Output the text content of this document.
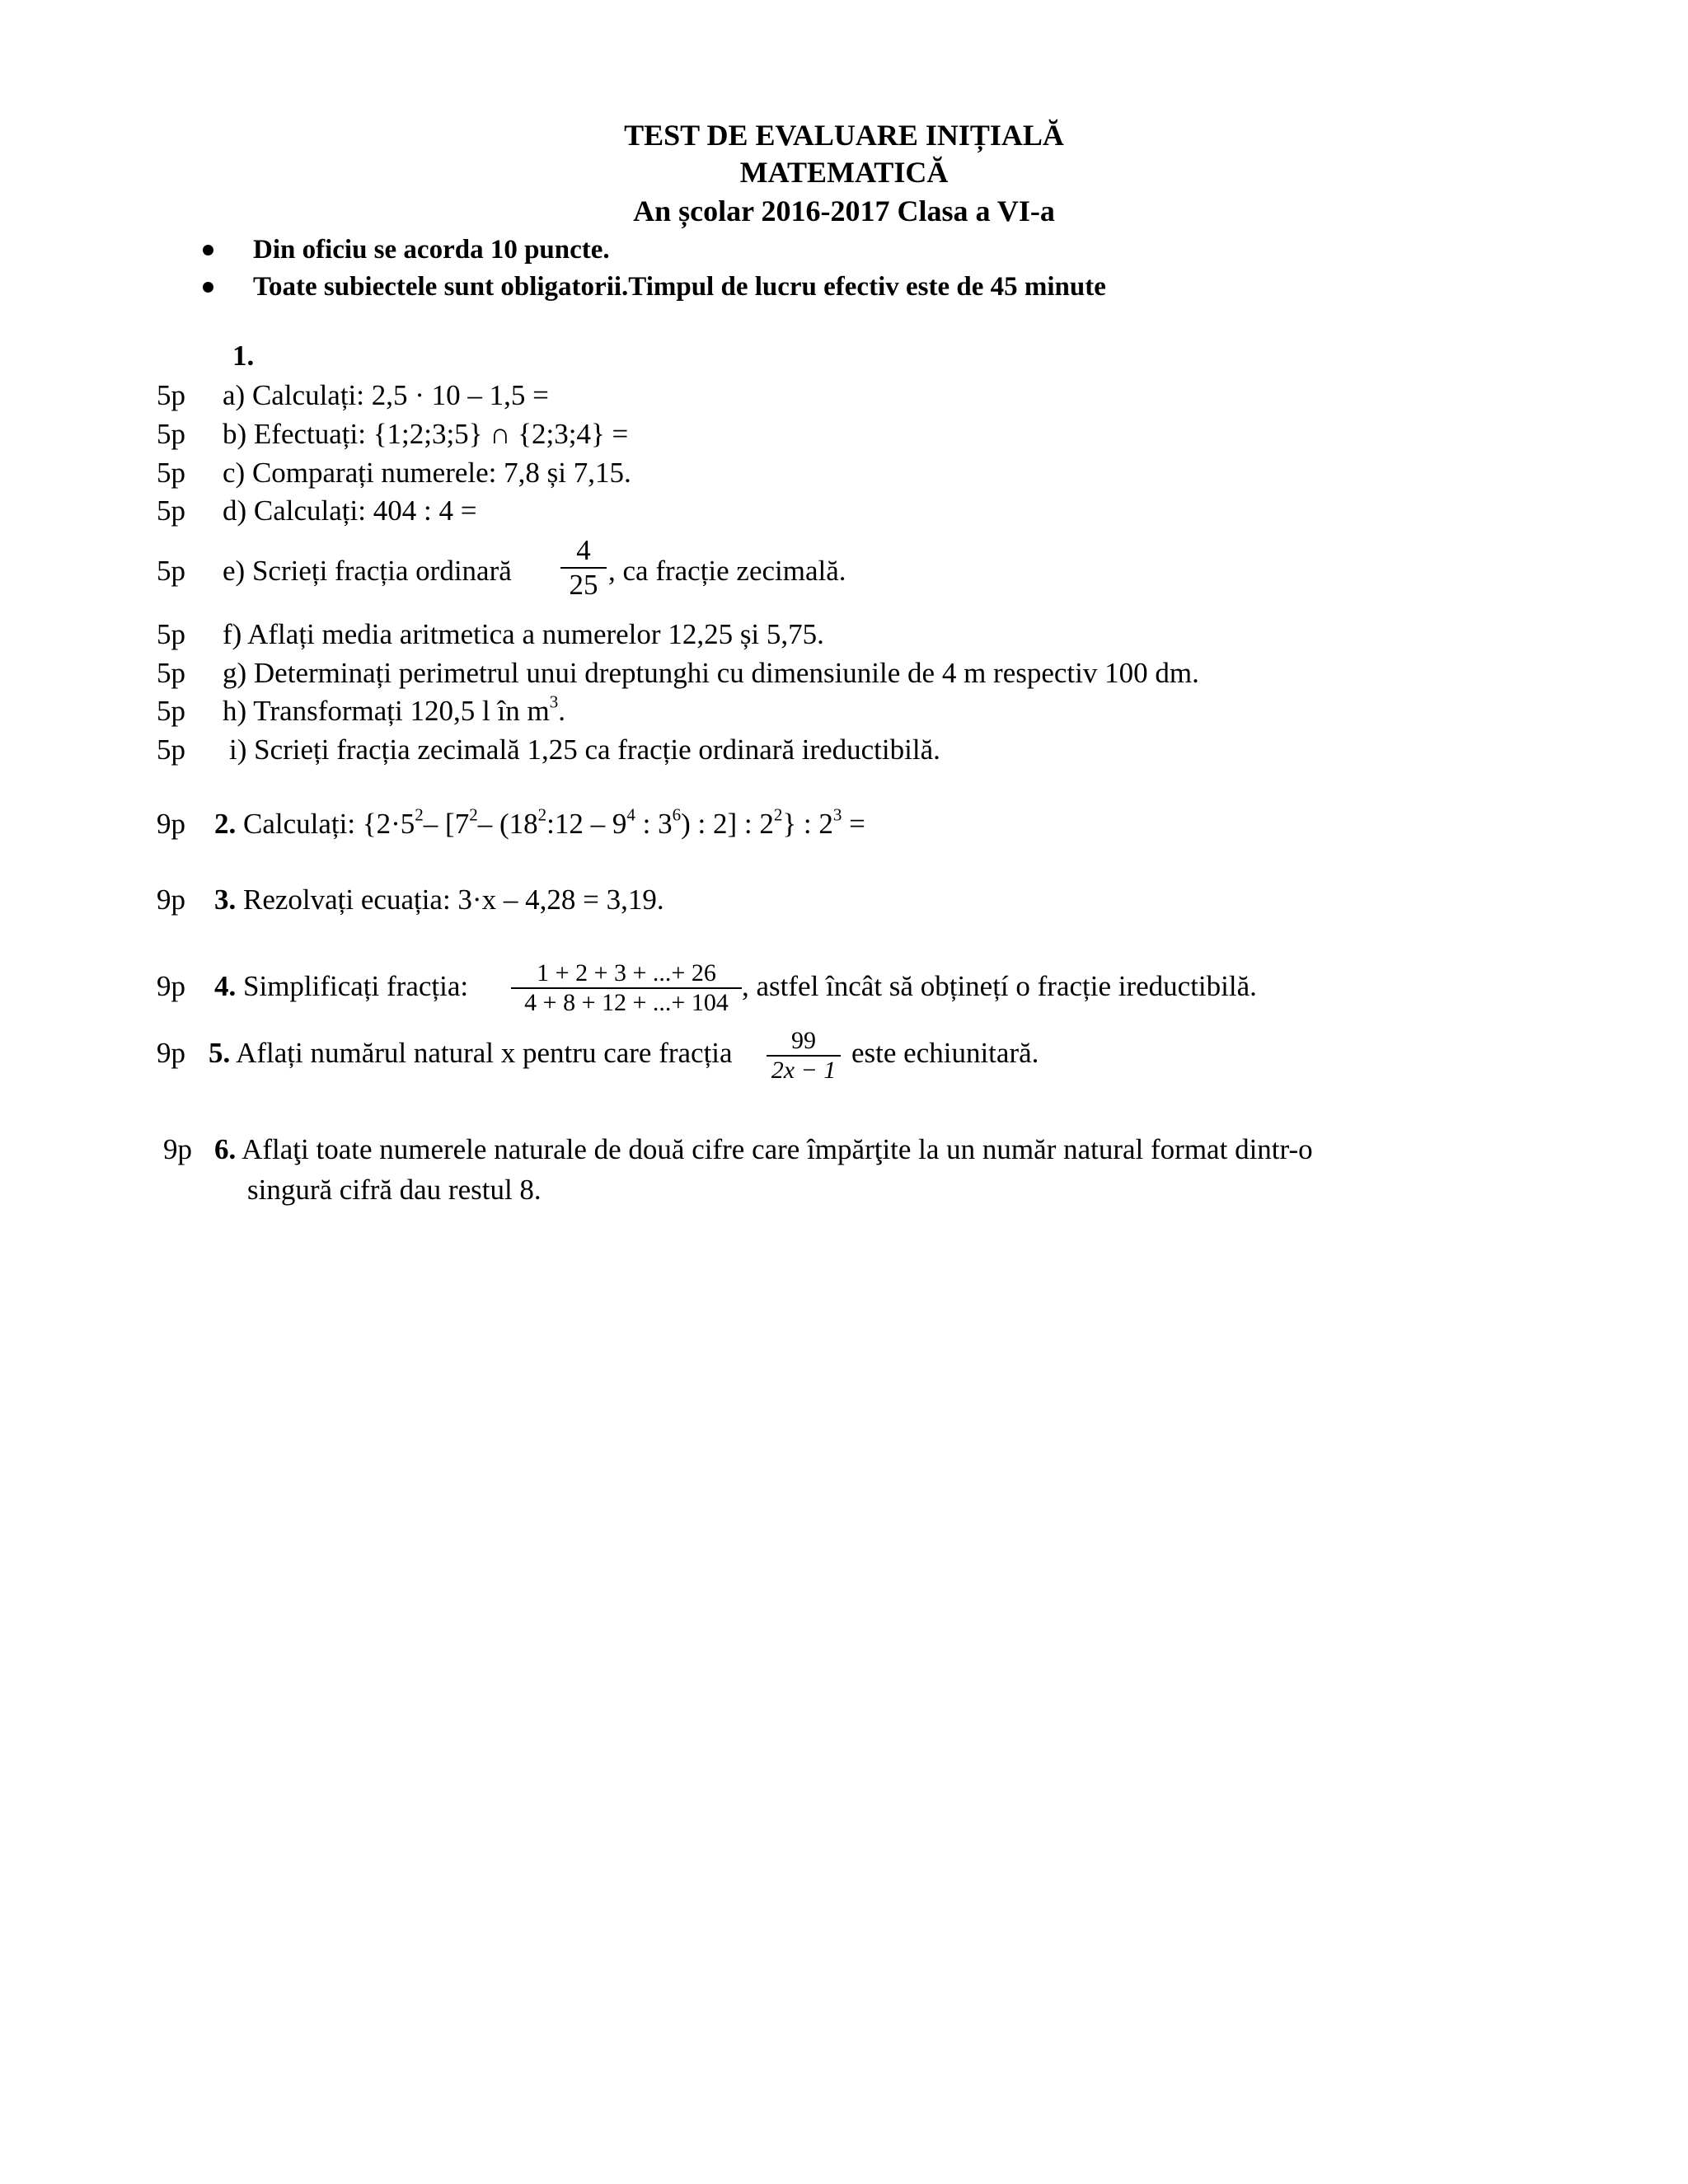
TEST DE EVALUARE INIȚIALĂ
MATEMATICĂ
An școlar 2016-2017 Clasa a VI-a
Din oficiu se acorda 10 puncte.
Toate subiectele sunt obligatorii.Timpul de lucru efectiv este de 45 minute
1.
5p a) Calculați: 2,5 · 10 – 1,5 =
5p b) Efectuați: {1;2;3;5} ∩ {2;3;4} =
5p c) Comparați numerele: 7,8 și 7,15.
5p d) Calculați: 404 : 4 =
5p e) Scrieți fracția ordinară
4
25 , ca fracție zecimală.
5p f) Aflați media aritmetica a numerelor 12,25 și 5,75.
5p g) Determinați perimetrul unui dreptunghi cu dimensiunile de 4 m respectiv 100 dm.
5p h) Transformați 120,5 l în $m^3$.
5p i) Scrieți fracția zecimală 1,25 ca fracție ordinară ireductibilă.
9p 2. Calculați: {$2\cdot 5^2-$ [$7^2-$ ($18^2:12 - 9^4$ : $3^6$) : 2] : $2^2$} : $2^3$ =
9p 3. Rezolvați ecuația: 3·x – 4,28 = 3,19.
9p 4. Simplificați fracția:	1 + 2 + 3 + ...+ 26
4 + 8 + 12 + ...+ 104
, astfel încât să obținețí o fracție ireductibilă.
9p 5. Aflați numărul natural x pentru care fracția	99
2x − 1
este echiunitară.
9p 6. Aflaţi toate numerele naturale de două cifre care împărţite la un număr natural format dintr-o
singură cifră dau restul 8.
